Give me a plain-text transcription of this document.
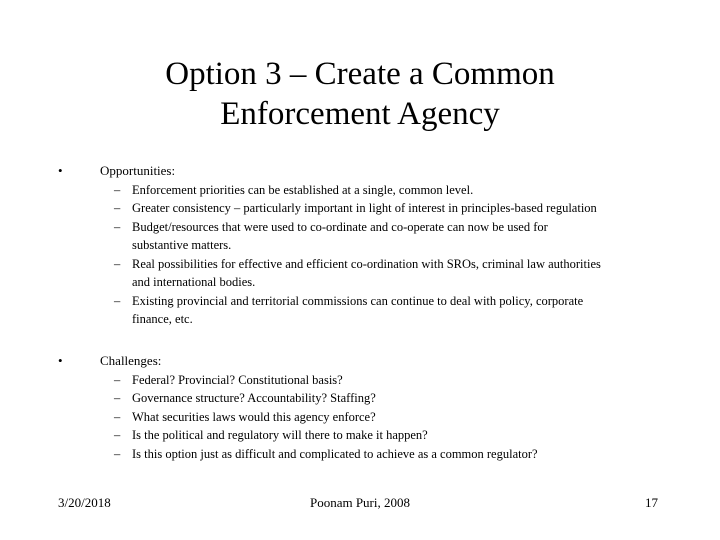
Option 3 – Create a Common
Enforcement Agency
•	Opportunities:
– Enforcement priorities can be established at a single, common level.
– Greater consistency – particularly important in light of interest in principles-based regulation
– Budget/resources that were used to co-ordinate and co-operate can now be used for
substantive matters.
– Real possibilities for effective and efficient co-ordination with SROs, criminal law authorities
and international bodies.
– Existing provincial and territorial commissions can continue to deal with policy, corporate
finance, etc.
•	Challenges:
– Federal? Provincial? Constitutional basis?
– Governance structure? Accountability? Staffing?
– What securities laws would this agency enforce?
– Is the political and regulatory will there to make it happen?
– Is this option just as difficult and complicated to achieve as a common regulator?
3/20/2018	Poonam Puri, 2008	17
